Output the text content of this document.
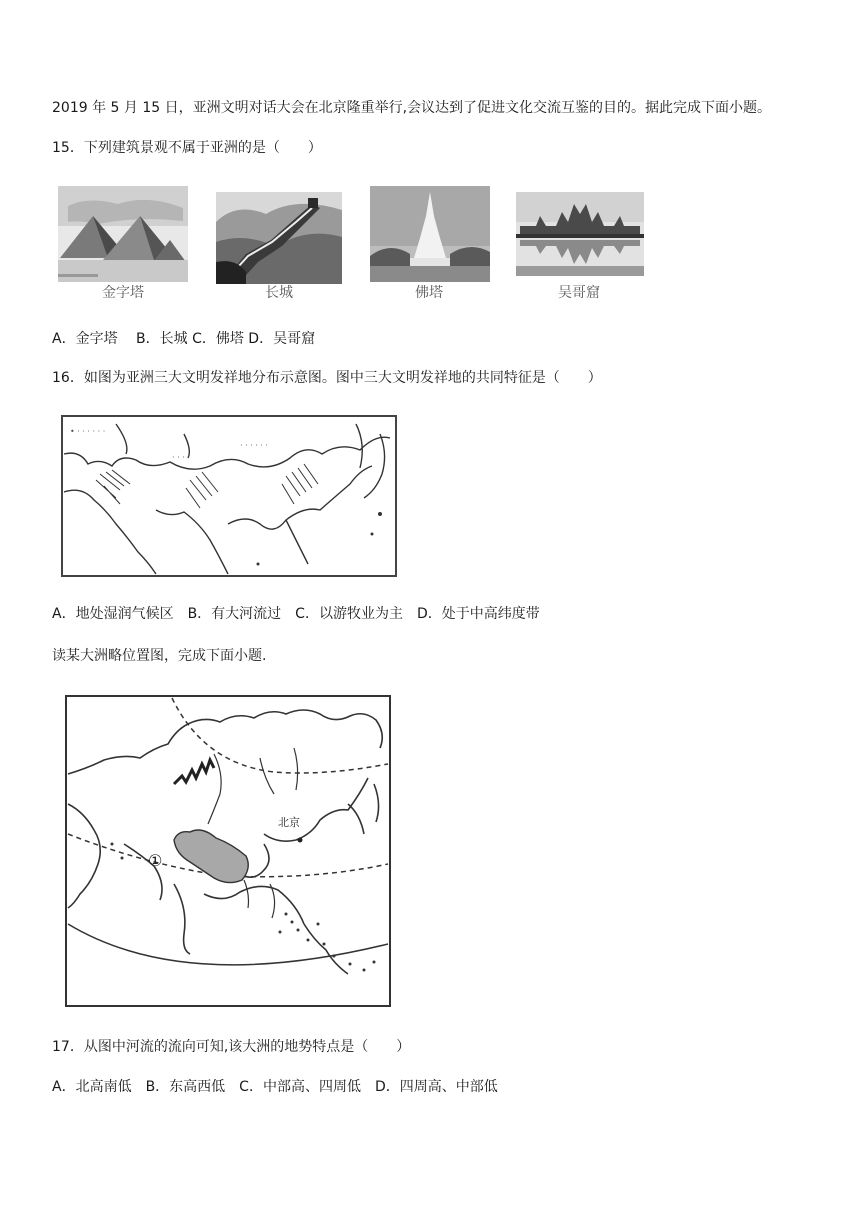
2019 年 5 月 15 日，亚洲文明对话大会在北京隆重举行,会议达到了促进文化交流互鉴的目的。据此完成下面小题。
15．下列建筑景观不属于亚洲的是（　　）
金字塔	长城	佛塔	吴哥窟
A．金字塔　 B．长城 C．佛塔 D．吴哥窟
16．如图为亚洲三大文明发祥地分布示意图。图中三大文明发祥地的共同特征是（　　）
• · · · · · ·
· · · ·
· · · · · ·
A．地处湿润气候区　B．有大河流过　C．以游牧业为主　D．处于中高纬度带
读某大洲略位置图，完成下面小题.
北京
①
17．从图中河流的流向可知,该大洲的地势特点是（　　）
A．北高南低　B．东高西低　C．中部高、四周低　D．四周高、中部低
